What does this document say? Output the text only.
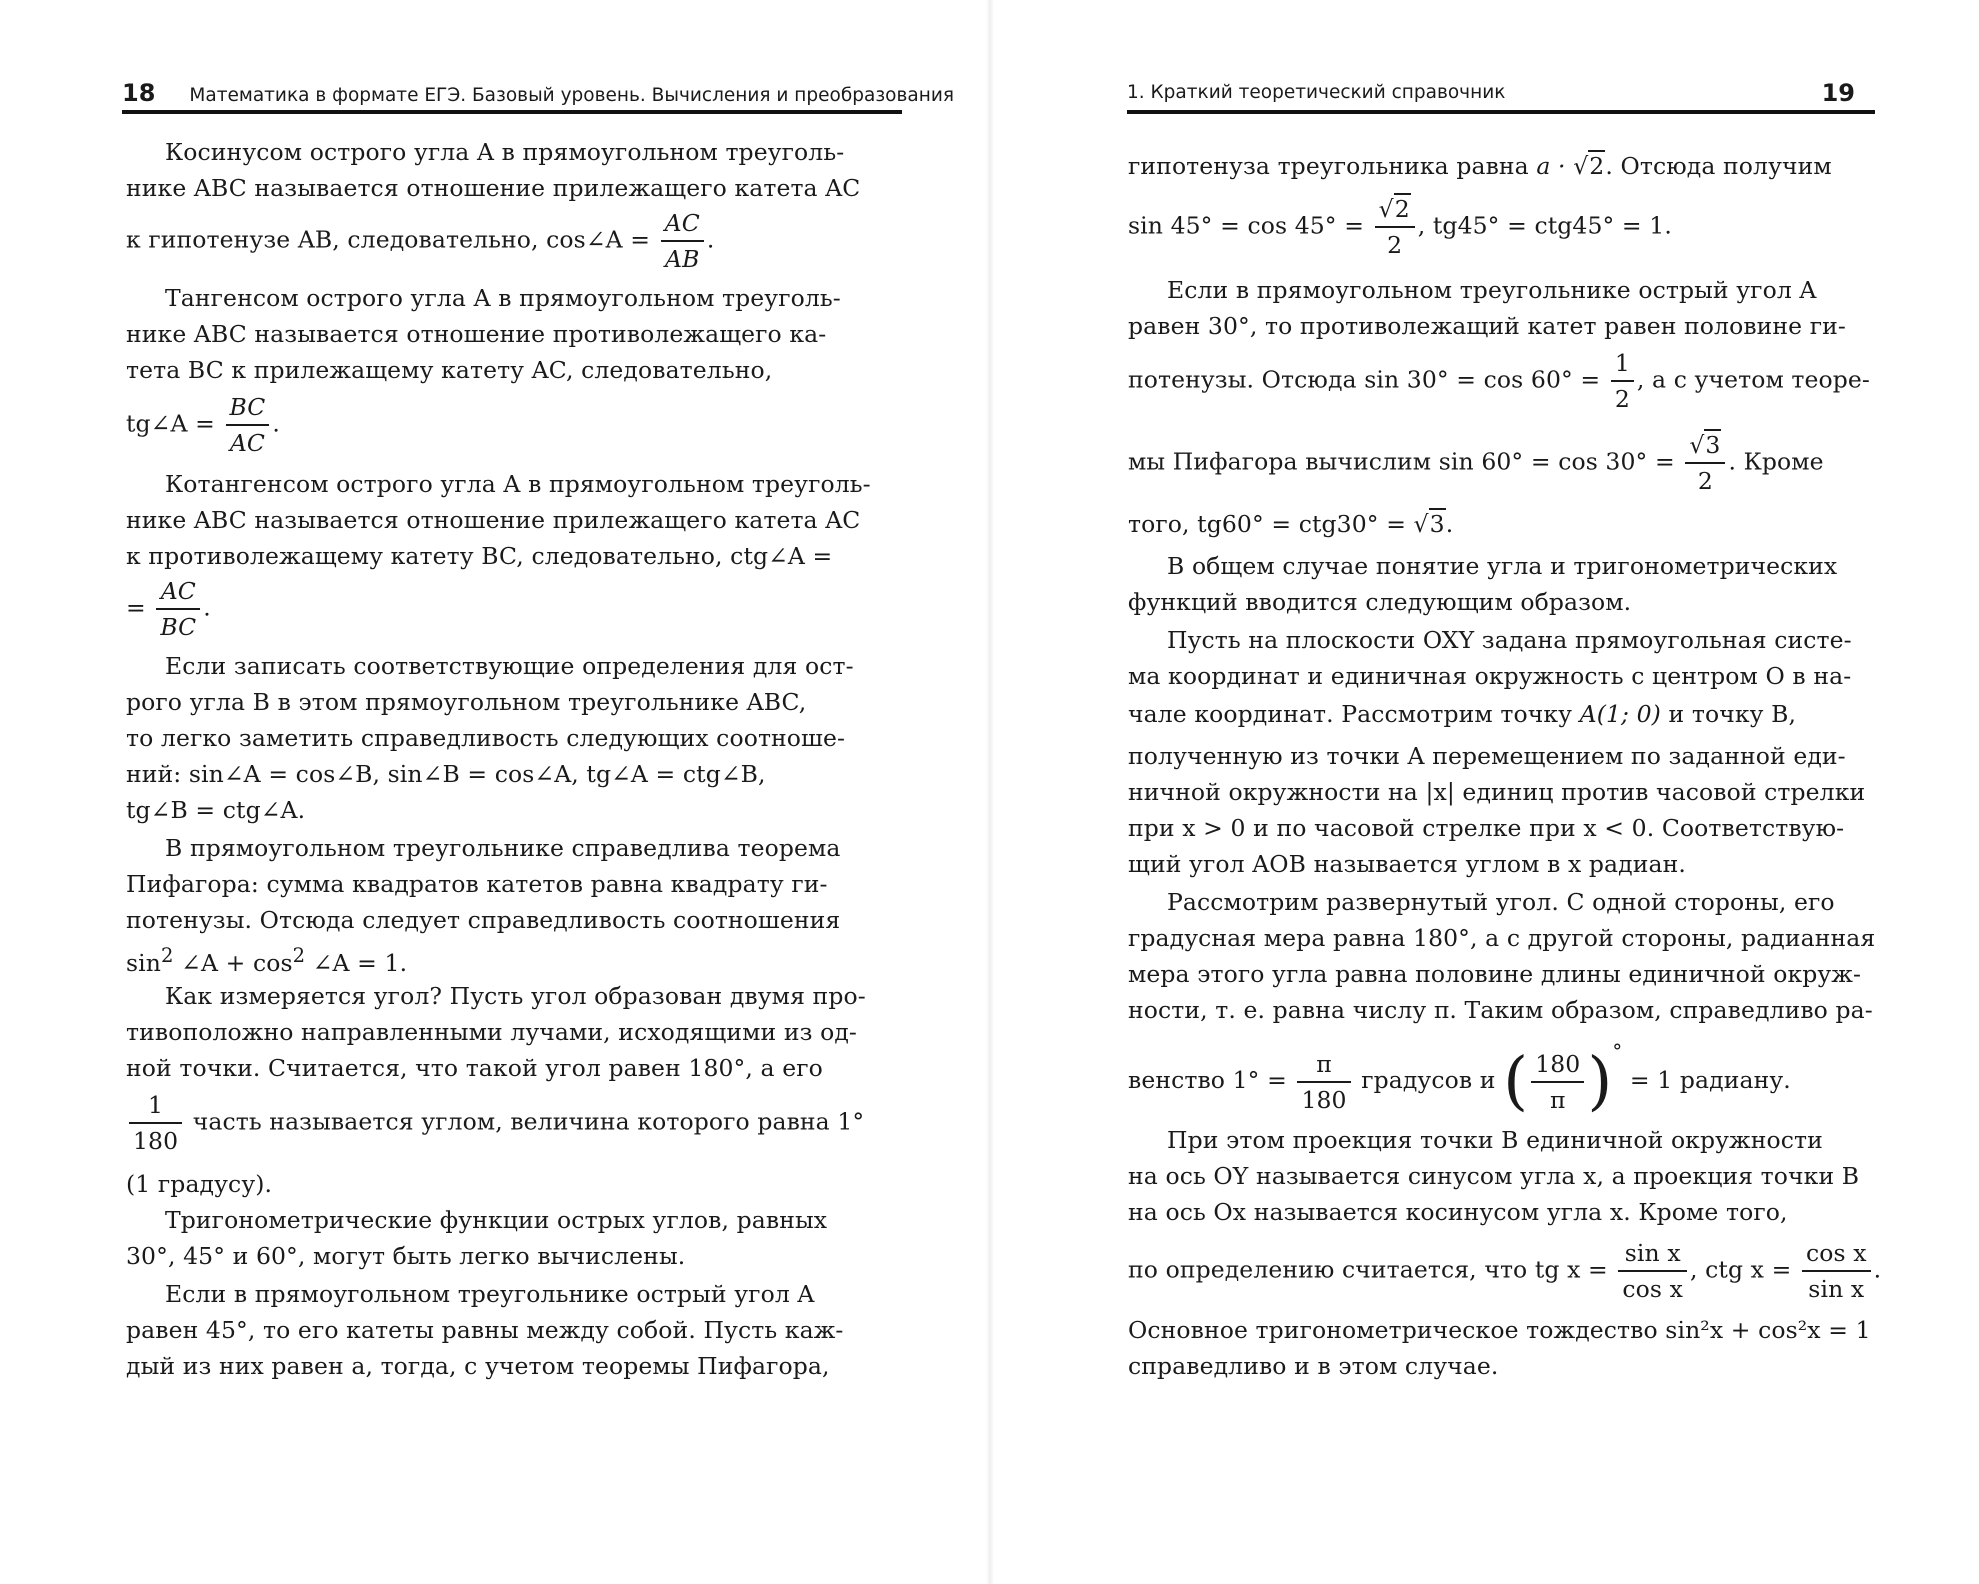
18 Математика в формате ЕГЭ. Базовый уровень. Вычисления и преобразования
Косинусом острого угла A в прямоугольном треуголь-
нике ABC называется отношение прилежащего катета AC
к гипотенузе AB, следовательно, cos∠A = $\frac{AC}{AB}$ .
Тангенсом острого угла A в прямоугольном треуголь-
нике ABC называется отношение противолежащего ка-
тета BC к прилежащему катету AC, следовательно,
tg∠A = $\frac{BC}{AC}$ .
Котангенсом острого угла A в прямоугольном треуголь-
нике ABC называется отношение прилежащего катета AC
к противолежащему катету BC, следовательно, ctg∠A =
= $\frac{AC}{BC}$ .
Если записать соответствующие определения для ост-
рого угла B в этом прямоугольном треугольнике ABC,
то легко заметить справедливость следующих соотноше-
ний: sin∠A = cos∠B, sin∠B = cos∠A, tg∠A = ctg∠B,
tg∠B = ctg∠A.
В прямоугольном треугольнике справедлива теорема
Пифагора: сумма квадратов катетов равна квадрату ги-
потенузы. Отсюда следует справедливость соотношения
$\sin^2$ ∠A + $\cos^2$ ∠A = 1.
Как измеряется угол? Пусть угол образован двумя про-
тивоположно направленными лучами, исходящими из од-
ной точки. Считается, что такой угол равен 180°, а его
$\frac{1}{180}$ часть называется углом, величина которого равна 1°
(1 градусу).
Тригонометрические функции острых углов, равных
30°, 45° и 60°, могут быть легко вычислены.
Если в прямоугольном треугольнике острый угол A
равен 45°, то его катеты равны между собой. Пусть каж-
дый из них равен a, тогда, с учетом теоремы Пифагора,
1. Краткий теоретический справочник	19
гипотенуза треугольника равна a · √2. Отсюда получим
$\sin 45^\circ = \cos 45^\circ = \frac{√2}{2}$ , tg45° = ctg45° = 1.
Если в прямоугольном треугольнике острый угол A
равен 30°, то противолежащий катет равен половине ги-
потенузы. Отсюда $\sin 30^\circ = \cos 60^\circ = \frac{1}{2}$ , а с учетом теоре-
мы Пифагора вычислим $\sin 60^\circ = \cos 30^\circ = \frac{√3}{2}$ . Кроме
того, tg60° = ctg30° = √3.
В общем случае понятие угла и тригонометрических
функций вводится следующим образом.
Пусть на плоскости OXY задана прямоугольная систе-
ма координат и единичная окружность с центром O в на-
чале координат. Рассмотрим точку A(1; 0) и точку B,
полученную из точки A перемещением по заданной еди-
ничной окружности на |x| единиц против часовой стрелки
при x > 0 и по часовой стрелке при x < 0. Соответствую-
щий угол AOB называется углом в x радиан.
Рассмотрим развернутый угол. С одной стороны, его
градусная мера равна 180°, а с другой стороны, радианная
мера этого угла равна половине длины единичной окруж-
ности, т. е. равна числу π. Таким образом, справедливо ра-
венство $1^\circ = \frac{\pi}{180}$ градусов и ( $\frac{180}{\pi} )^\circ = 1$ радиану.
При этом проекция точки B единичной окружности
на ось OY называется синусом угла x, а проекция точки B
на ось Ox называется косинусом угла x. Кроме того,
по определению считается, что tg $x = \frac{\text{sin x}}{\text{cos x}}$ , ctg $x = \frac{\text{cos x}}{\text{sin x}}$ .
Основное тригонометрическое тождество sin²x + cos²x = 1
справедливо и в этом случае.
